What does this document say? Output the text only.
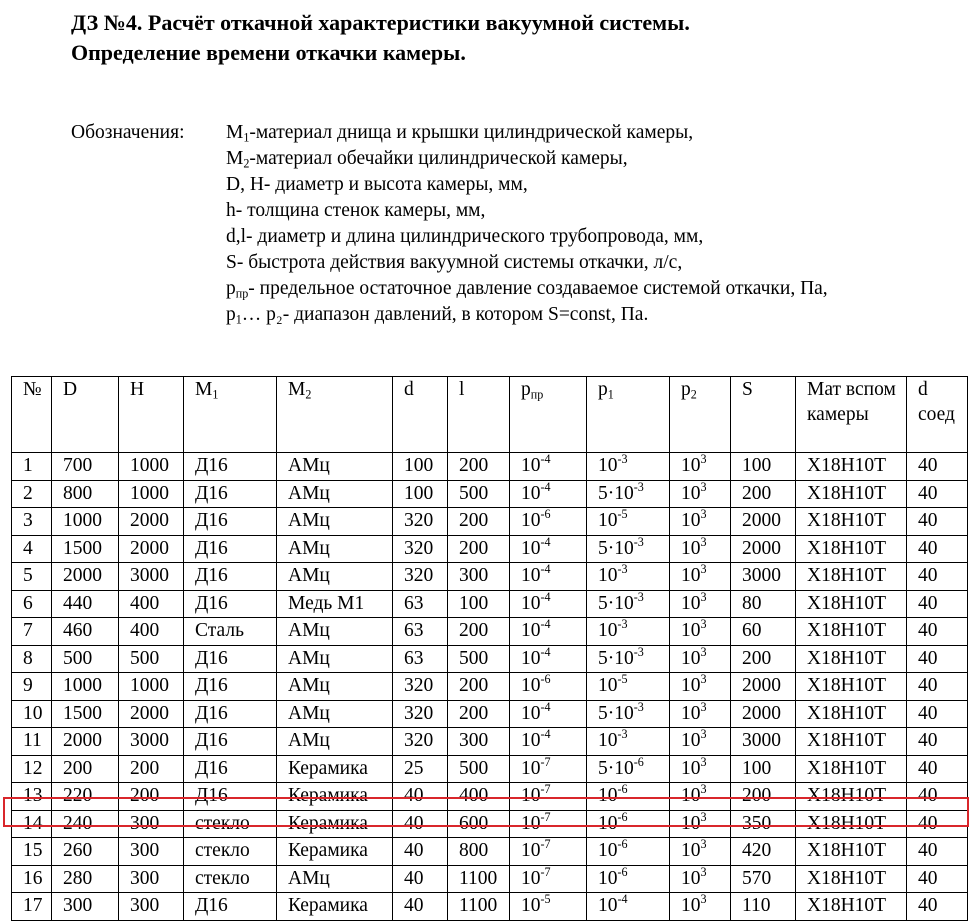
ДЗ №4. Расчёт откачной характеристики вакуумной системы.
Определение времени откачки камеры.
Обозначения: $M_1$-материал днища и крышки цилиндрической камеры,
$M_2$-материал обечайки цилиндрической камеры,
D, H- диаметр и высота камеры, мм,
h- толщина стенок камеры, мм,
d,l- диаметр и длина цилиндрического трубопровода, мм,
S- быстрота действия вакуумной системы откачки, л/с,
$p_{пр}-$ предельное остаточное давление создаваемое системой откачки, Па,
$p_1\dots$ p₂- диапазон давлений, в котором S=const, Па.
№	D	H	$M_1$	$M_2$	d	l	$p_{пр}$	$p_1$	$p_2$	S	Мат вспом камеры	d соед
1	700	1000	Д16	АМц	100	200	$10^{-4}$	$10^{-3}$	$10^3$	100	Х18Н10Т	40
2	800	1000	Д16	АМц	100	500	$10^{-4}$	$5\cdot 10^{-3}$	$10^3$	200	Х18Н10Т	40
3	1000	2000	Д16	АМц	320	200	$10^{-6}$	$10^{-5}$	$10^3$	2000	Х18Н10Т	40
4	1500	2000	Д16	АМц	320	200	$10^{-4}$	$5\cdot 10^{-3}$	$10^3$	2000	Х18Н10Т	40
5	2000	3000	Д16	АМц	320	300	$10^{-4}$	$10^{-3}$	$10^3$	3000	Х18Н10Т	40
6	440	400	Д16	Медь М1	63	100	$10^{-4}$	$5\cdot 10^{-3}$	$10^3$	80	Х18Н10Т	40
7	460	400	Сталь	АМц	63	200	$10^{-4}$	$10^{-3}$	$10^3$	60	Х18Н10Т	40
8	500	500	Д16	АМц	63	500	$10^{-4}$	$5\cdot 10^{-3}$	$10^3$	200	Х18Н10Т	40
9	1000	1000	Д16	АМц	320	200	$10^{-6}$	$10^{-5}$	$10^3$	2000	Х18Н10Т	40
10	1500	2000	Д16	АМц	320	200	$10^{-4}$	$5\cdot 10^{-3}$	$10^3$	2000	Х18Н10Т	40
11	2000	3000	Д16	АМц	320	300	$10^{-4}$	$10^{-3}$	$10^3$	3000	Х18Н10Т	40
12	200	200	Д16	Керамика	25	500	$10^{-7}$	$5\cdot 10^{-6}$	$10^3$	100	Х18Н10Т	40
13	220	200	Д16	Керамика	40	400	$10^{-7}$	$10^{-6}$	$10^3$	200	Х18Н10Т	40
14	240	300	стекло	Керамика	40	600	$10^{-7}$	$10^{-6}$	$10^3$	350	Х18Н10Т	40
15	260	300	стекло	Керамика	40	800	$10^{-7}$	$10^{-6}$	$10^3$	420	Х18Н10Т	40
16	280	300	стекло	АМц	40	1100	$10^{-7}$	$10^{-6}$	$10^3$	570	Х18Н10Т	40
17	300	300	Д16	Керамика	40	1100	$10^{-5}$	$10^{-4}$	$10^3$	110	Х18Н10Т	40
